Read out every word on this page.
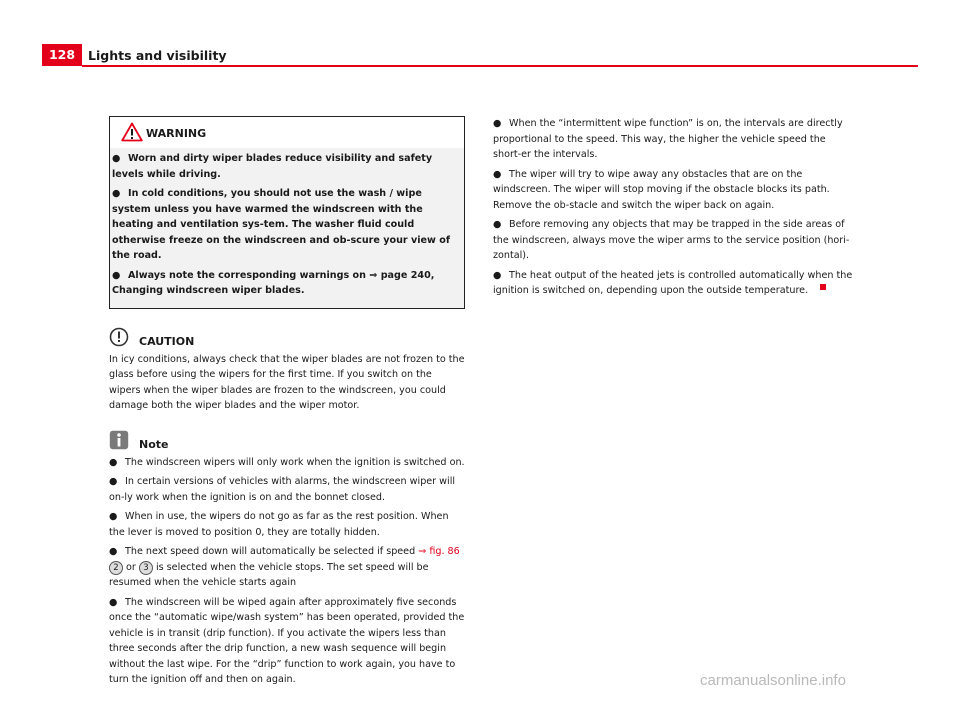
128	Lights and visibility
WARNING

● Worn and dirty wiper blades reduce visibility and safety levels while driving.

● In cold conditions, you should not use the wash / wipe system unless you have warmed the windscreen with the heating and ventilation sys-tem. The washer fluid could otherwise freeze on the windscreen and ob-scure your view of the road.

● Always note the corresponding warnings on ⇒ page 240, Changing windscreen wiper blades.

CAUTION

In icy conditions, always check that the wiper blades are not frozen to the glass before using the wipers for the first time. If you switch on the wipers when the wiper blades are frozen to the windscreen, you could damage both the wiper blades and the wiper motor.

Note

● The windscreen wipers will only work when the ignition is switched on.

● In certain versions of vehicles with alarms, the windscreen wiper will on-ly work when the ignition is on and the bonnet closed.

● When in use, the wipers do not go as far as the rest position. When the lever is moved to position 0, they are totally hidden.

● The next speed down will automatically be selected if speed ⇒ fig. 86
2 or 3 is selected when the vehicle stops. The set speed will be resumed when the vehicle starts again

● The windscreen will be wiped again after approximately five seconds once the “automatic wipe/wash system” has been operated, provided the vehicle is in transit (drip function). If you activate the wipers less than three seconds after the drip function, a new wash sequence will begin without the last wipe. For the “drip” function to work again, you have to turn the ignition off and then on again.

● When the “intermittent wipe function” is on, the intervals are directly proportional to the speed. This way, the higher the vehicle speed the short-er the intervals.

● The wiper will try to wipe away any obstacles that are on the windscreen. The wiper will stop moving if the obstacle blocks its path. Remove the ob-stacle and switch the wiper back on again.

● Before removing any objects that may be trapped in the side areas of the windscreen, always move the wiper arms to the service position (hori-zontal).

● The heat output of the heated jets is controlled automatically when the ignition is switched on, depending upon the outside temperature.

carmanualsonline.info
